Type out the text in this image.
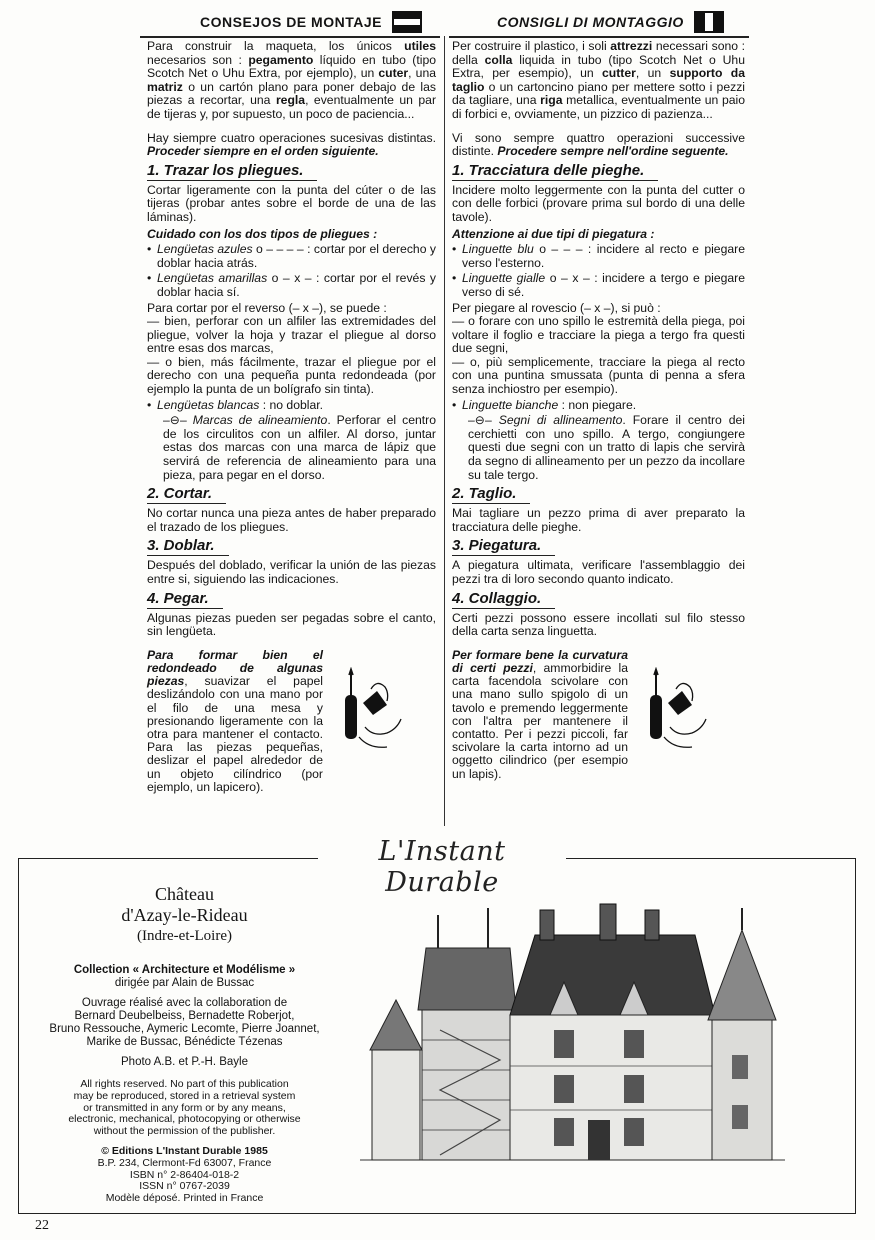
CONSEJOS DE MONTAJE	CONSIGLI DI MONTAGGIO

Para construir la maqueta, los únicos utiles necesarios son : pegamento líquido en tubo (tipo Scotch Net o Uhu Extra, por ejemplo), un cuter, una matriz o un cartón plano para poner debajo de las piezas a recortar, una regla, eventualmente un par de tijeras y, por supuesto, un poco de paciencia...

Hay siempre cuatro operaciones sucesivas distintas. Proceder siempre en el orden siguiente.

1. Trazar los pliegues.

Cortar ligeramente con la punta del cúter o de las tijeras (probar antes sobre el borde de una de las láminas).

Cuidado con los dos tipos de pliegues :
• Lengüetas azules o – – – – : cortar por el derecho y doblar hacia atrás.
• Lengüetas amarillas o – x – : cortar por el revés y doblar hacia sí.

Para cortar por el reverso (– x –), se puede :

— bien, perforar con un alfiler las extremidades del pliegue, volver la hoja y trazar el pliegue al dorso entre esas dos marcas,

— o bien, más fácilmente, trazar el pliegue por el derecho con una pequeña punta redondeada (por ejemplo la punta de un bolígrafo sin tinta).

• Lengüetas blancas : no doblar.

–⊖– Marcas de alineamiento. Perforar el centro de los circulitos con un alfiler. Al dorso, juntar estas dos marcas con una marca de lápiz que servirá de referencia de alineamiento para una pieza, para pegar en el dorso.

2. Cortar.

No cortar nunca una pieza antes de haber preparado el trazado de los pliegues.

3. Doblar.

Después del doblado, verificar la unión de las piezas entre si, siguiendo las indicaciones.

4. Pegar.

Algunas piezas pueden ser pegadas sobre el canto, sin lengüeta.

Para formar bien el redondeado de algunas piezas, suavizar el papel deslizándolo con una mano por el filo de una mesa y presionando ligeramente con la otra para mantener el contacto. Para las piezas pequeñas, deslizar el papel alrededor de un objeto cilíndrico (por ejemplo, un lapicero).

Per costruire il plastico, i soli attrezzi necessari sono : della colla liquida in tubo (tipo Scotch Net o Uhu Extra, per esempio), un cutter, un supporto da taglio o un cartoncino piano per mettere sotto i pezzi da tagliare, una riga metallica, eventualmente un paio di forbici e, ovviamente, un pizzico di pazienza...

Vi sono sempre quattro operazioni successive distinte. Procedere sempre nell'ordine seguente.

1. Tracciatura delle pieghe.

Incidere molto leggermente con la punta del cutter o con delle forbici (provare prima sul bordo di una delle tavole).

Attenzione ai due tipi di piegatura :
• Linguette blu o – – – : incidere al recto e piegare verso l'esterno.
• Linguette gialle o – x – : incidere a tergo e piegare verso di sé.

Per piegare al rovescio (– x –), si può :

— o forare con uno spillo le estremità della piega, poi voltare il foglio e tracciare la piega a tergo fra questi due segni,

— o, più semplicemente, tracciare la piega al recto con una puntina smussata (punta di penna a sfera senza inchiostro per esempio).

• Linguette bianche : non piegare.

–⊖– Segni di allineamento. Forare il centro dei cerchietti con uno spillo. A tergo, congiungere questi due segni con un tratto di lapis che servirà da segno di allineamento per un pezzo da incollare su tale tergo.

2. Taglio.

Mai tagliare un pezzo prima di aver preparato la tracciatura delle pieghe.

3. Piegatura.

A piegatura ultimata, verificare l'assemblaggio dei pezzi tra di loro secondo quanto indicato.

4. Collaggio.

Certi pezzi possono essere incollati sul filo stesso della carta senza linguetta.

Per formare bene la curvatura di certi pezzi, ammorbidire la carta facendola scivolare con una mano sullo spigolo di un tavolo e premendo leggermente con l'altra per mantenere il contatto. Per i pezzi piccoli, far scivolare la carta intorno ad un oggetto cilindrico (per esempio un lapis).

L'Instant Durable
Château
d'Azay-le-Rideau
(Indre-et-Loire)
Collection « Architecture et Modélisme »
dirigée par Alain de Bussac
Ouvrage réalisé avec la collaboration de
Bernard Deubelbeiss, Bernadette Roberjot,
Bruno Ressouche, Aymeric Lecomte, Pierre Joannet,
Marike de Bussac, Bénédicte Tézenas
Photo A.B. et P.-H. Bayle
All rights reserved. No part of this publication
may be reproduced, stored in a retrieval system
or transmitted in any form or by any means,
electronic, mechanical, photocopying or otherwise
without the permission of the publisher.
© Editions L'Instant Durable 1985
B.P. 234, Clermont-Fd 63007, France
ISBN n° 2-86404-018-2
ISSN n° 0767-2039
Modèle déposé. Printed in France
22
